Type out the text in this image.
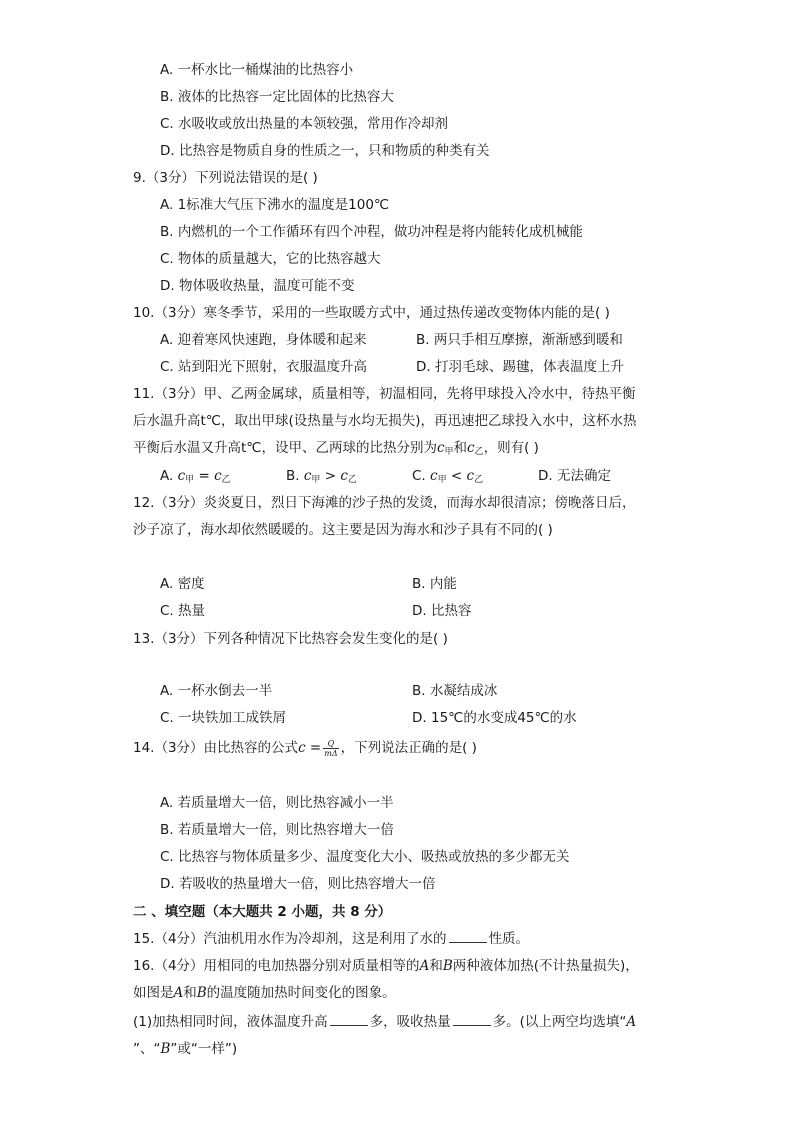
A. 一杯水比一桶煤油的比热容小
B. 液体的比热容一定比固体的比热容大
C. 水吸收或放出热量的本领较强，常用作冷却剂
D. 比热容是物质自身的性质之一，只和物质的种类有关
9.（3分）下列说法错误的是( )
A. 1标准大气压下沸水的温度是100℃
B. 内燃机的一个工作循环有四个冲程，做功冲程是将内能转化成机械能
C. 物体的质量越大，它的比热容越大
D. 物体吸收热量，温度可能不变
10.（3分）寒冬季节，采用的一些取暖方式中，通过热传递改变物体内能的是( )
A. 迎着寒风快速跑，身体暖和起来	B. 两只手相互摩擦，渐渐感到暖和
C. 站到阳光下照射，衣服温度升高	D. 打羽毛球、踢毽，体表温度上升
11.（3分）甲、乙两金属球，质量相等，初温相同，先将甲球投入冷水中，待热平衡
后水温升高t℃，取出甲球(设热量与水均无损失)，再迅速把乙球投入水中，这杯水热
平衡后水温又升高t℃，设甲、乙两球的比热分别为$c_甲$和$c_乙$，则有( )
A. $c_甲 = c_乙$	B. $c_甲 > c_乙$	C. $c_甲 < c_乙$	D. 无法确定
12.（3分）炎炎夏日，烈日下海滩的沙子热的发烫，而海水却很清凉；傍晚落日后，
沙子凉了，海水却依然暖暖的。这主要是因为海水和沙子具有不同的( )
A. 密度	B. 内能
C. 热量	D. 比热容
13.（3分）下列各种情况下比热容会发生变化的是( )
A. 一杯水倒去一半	B. 水凝结成冰
C. 一块铁加工成铁屑	D. 15℃的水变成45℃的水
14.（3分）由比热容的公式$c = \frac{Q}{m\Delta}$ ，下列说法正确的是( )
A. 若质量增大一倍，则比热容减小一半
B. 若质量增大一倍，则比热容增大一倍
C. 比热容与物体质量多少、温度变化大小、吸热或放热的多少都无关
D. 若吸收的热量增大一倍，则比热容增大一倍
二 、填空题（本大题共 2 小题，共 8 分）
15.（4分）汽油机用水作为冷却剂，这是利用了水的	性质。
16.（4分）用相同的电加热器分别对质量相等的A和B两种液体加热(不计热量损失)，
如图是A和B的温度随加热时间变化的图象。
(1)加热相同时间，液体温度升高	多，吸收热量	多。(以上两空均选填“A
”、“B”或“一样”)
